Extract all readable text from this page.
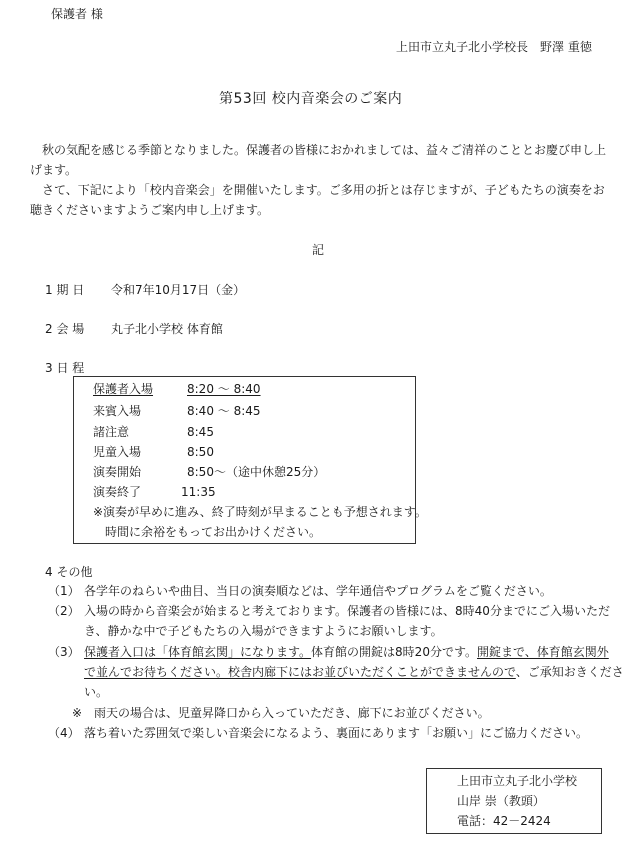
保護者 様
上田市立丸子北小学校長　野澤 重徳
第53回 校内音楽会のご案内
秋の気配を感じる季節となりました。保護者の皆様におかれましては、益々ご清祥のこととお慶び申し上げます。
さて、下記により「校内音楽会」を開催いたします。ご多用の折とは存じますが、子どもたちの演奏をお聴きくださいますようご案内申し上げます。
記
1 期 日 令和7年10月17日（金）
2 会 場 丸子北小学校 体育館
3 日 程
保護者入場	8:20 ～ 8:40
来賓入場	8:40 ～ 8:45
諸注意	8:45
児童入場	8:50
演奏開始	8:50～（途中休憩25分）
演奏終了	11:35
※演奏が早めに進み、終了時刻が早まることも予想されます。
時間に余裕をもってお出かけください。
4 その他
（1） 各学年のねらいや曲目、当日の演奏順などは、学年通信やプログラムをご覧ください。
（2） 入場の時から音楽会が始まると考えております。保護者の皆様には、8時40分までにご入場いただ
き、静かな中で子どもたちの入場ができますようにお願いします。
（3） 保護者入口は「体育館玄関」になります。体育館の開錠は8時20分です。開錠まで、体育館玄関外
で並んでお待ちください。校舎内廊下にはお並びいただくことができませんので、ご承知おきくださ
い。
※　雨天の場合は、児童昇降口から入っていただき、廊下にお並びください。
（4） 落ち着いた雰囲気で楽しい音楽会になるよう、裏面にあります「お願い」にご協力ください。
上田市立丸子北小学校
山岸 崇（教頭）
電話：42－2424
